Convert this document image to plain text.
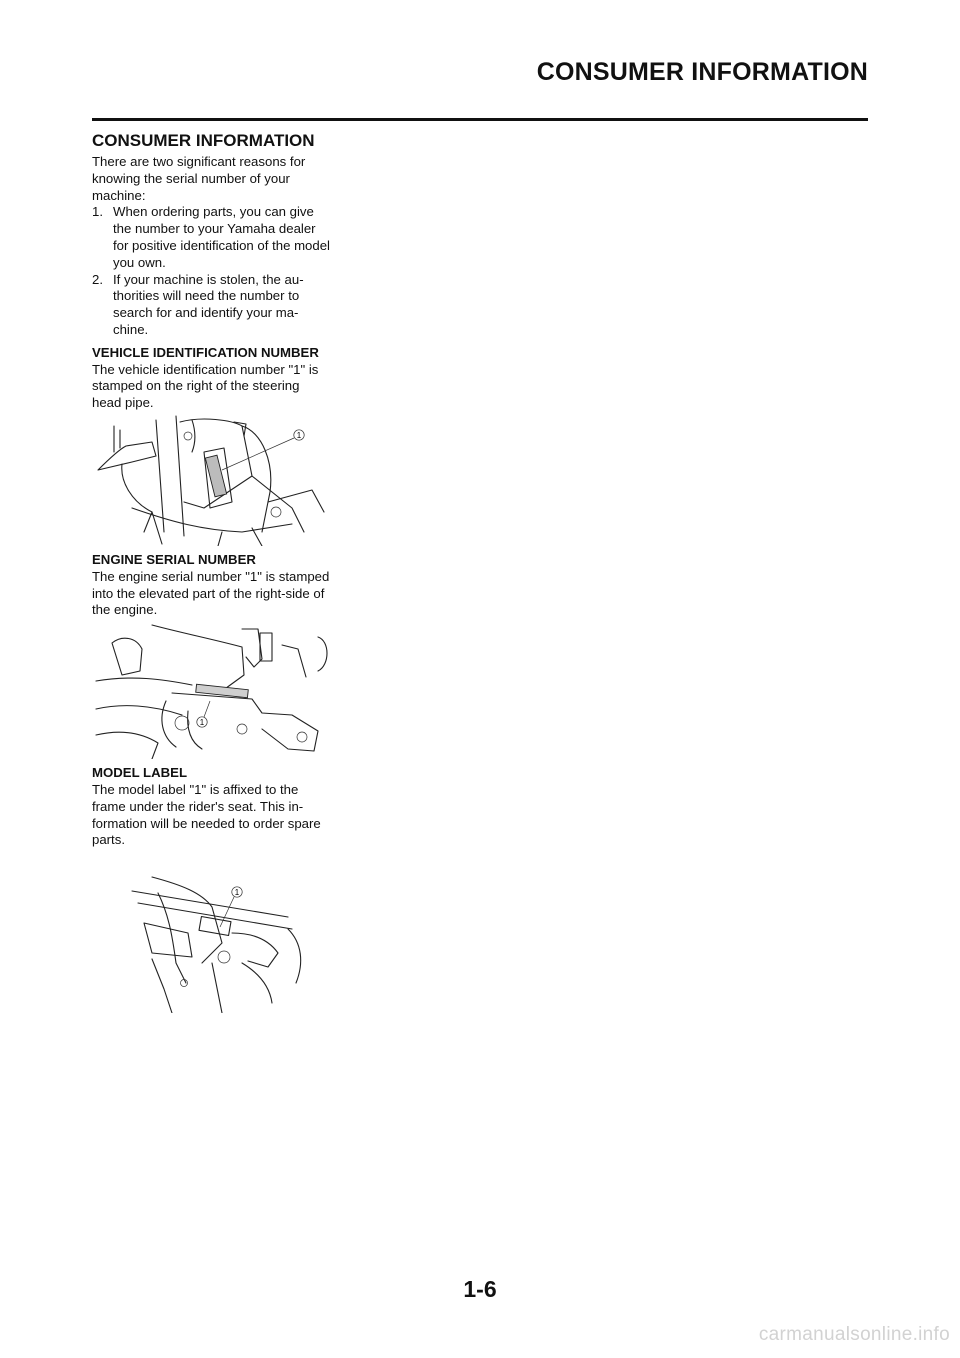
CONSUMER INFORMATION
CONSUMER INFORMATION

There are two significant reasons for knowing the serial number of your machine:

1. When ordering parts, you can give the number to your Yamaha dealer for positive identification of the model you own.
2. If your machine is stolen, the au-thorities will need the number to search for and identify your ma-chine.
VEHICLE IDENTIFICATION NUMBER

The vehicle identification number "1" is stamped on the right of the steering head pipe.

1
ENGINE SERIAL NUMBER

The engine serial number "1" is stamped into the elevated part of the right-side of the engine.

1
MODEL LABEL

The model label "1" is affixed to the frame under the rider's seat. This in-formation will be needed to order spare parts.

1
1-6
carmanualsonline.info
